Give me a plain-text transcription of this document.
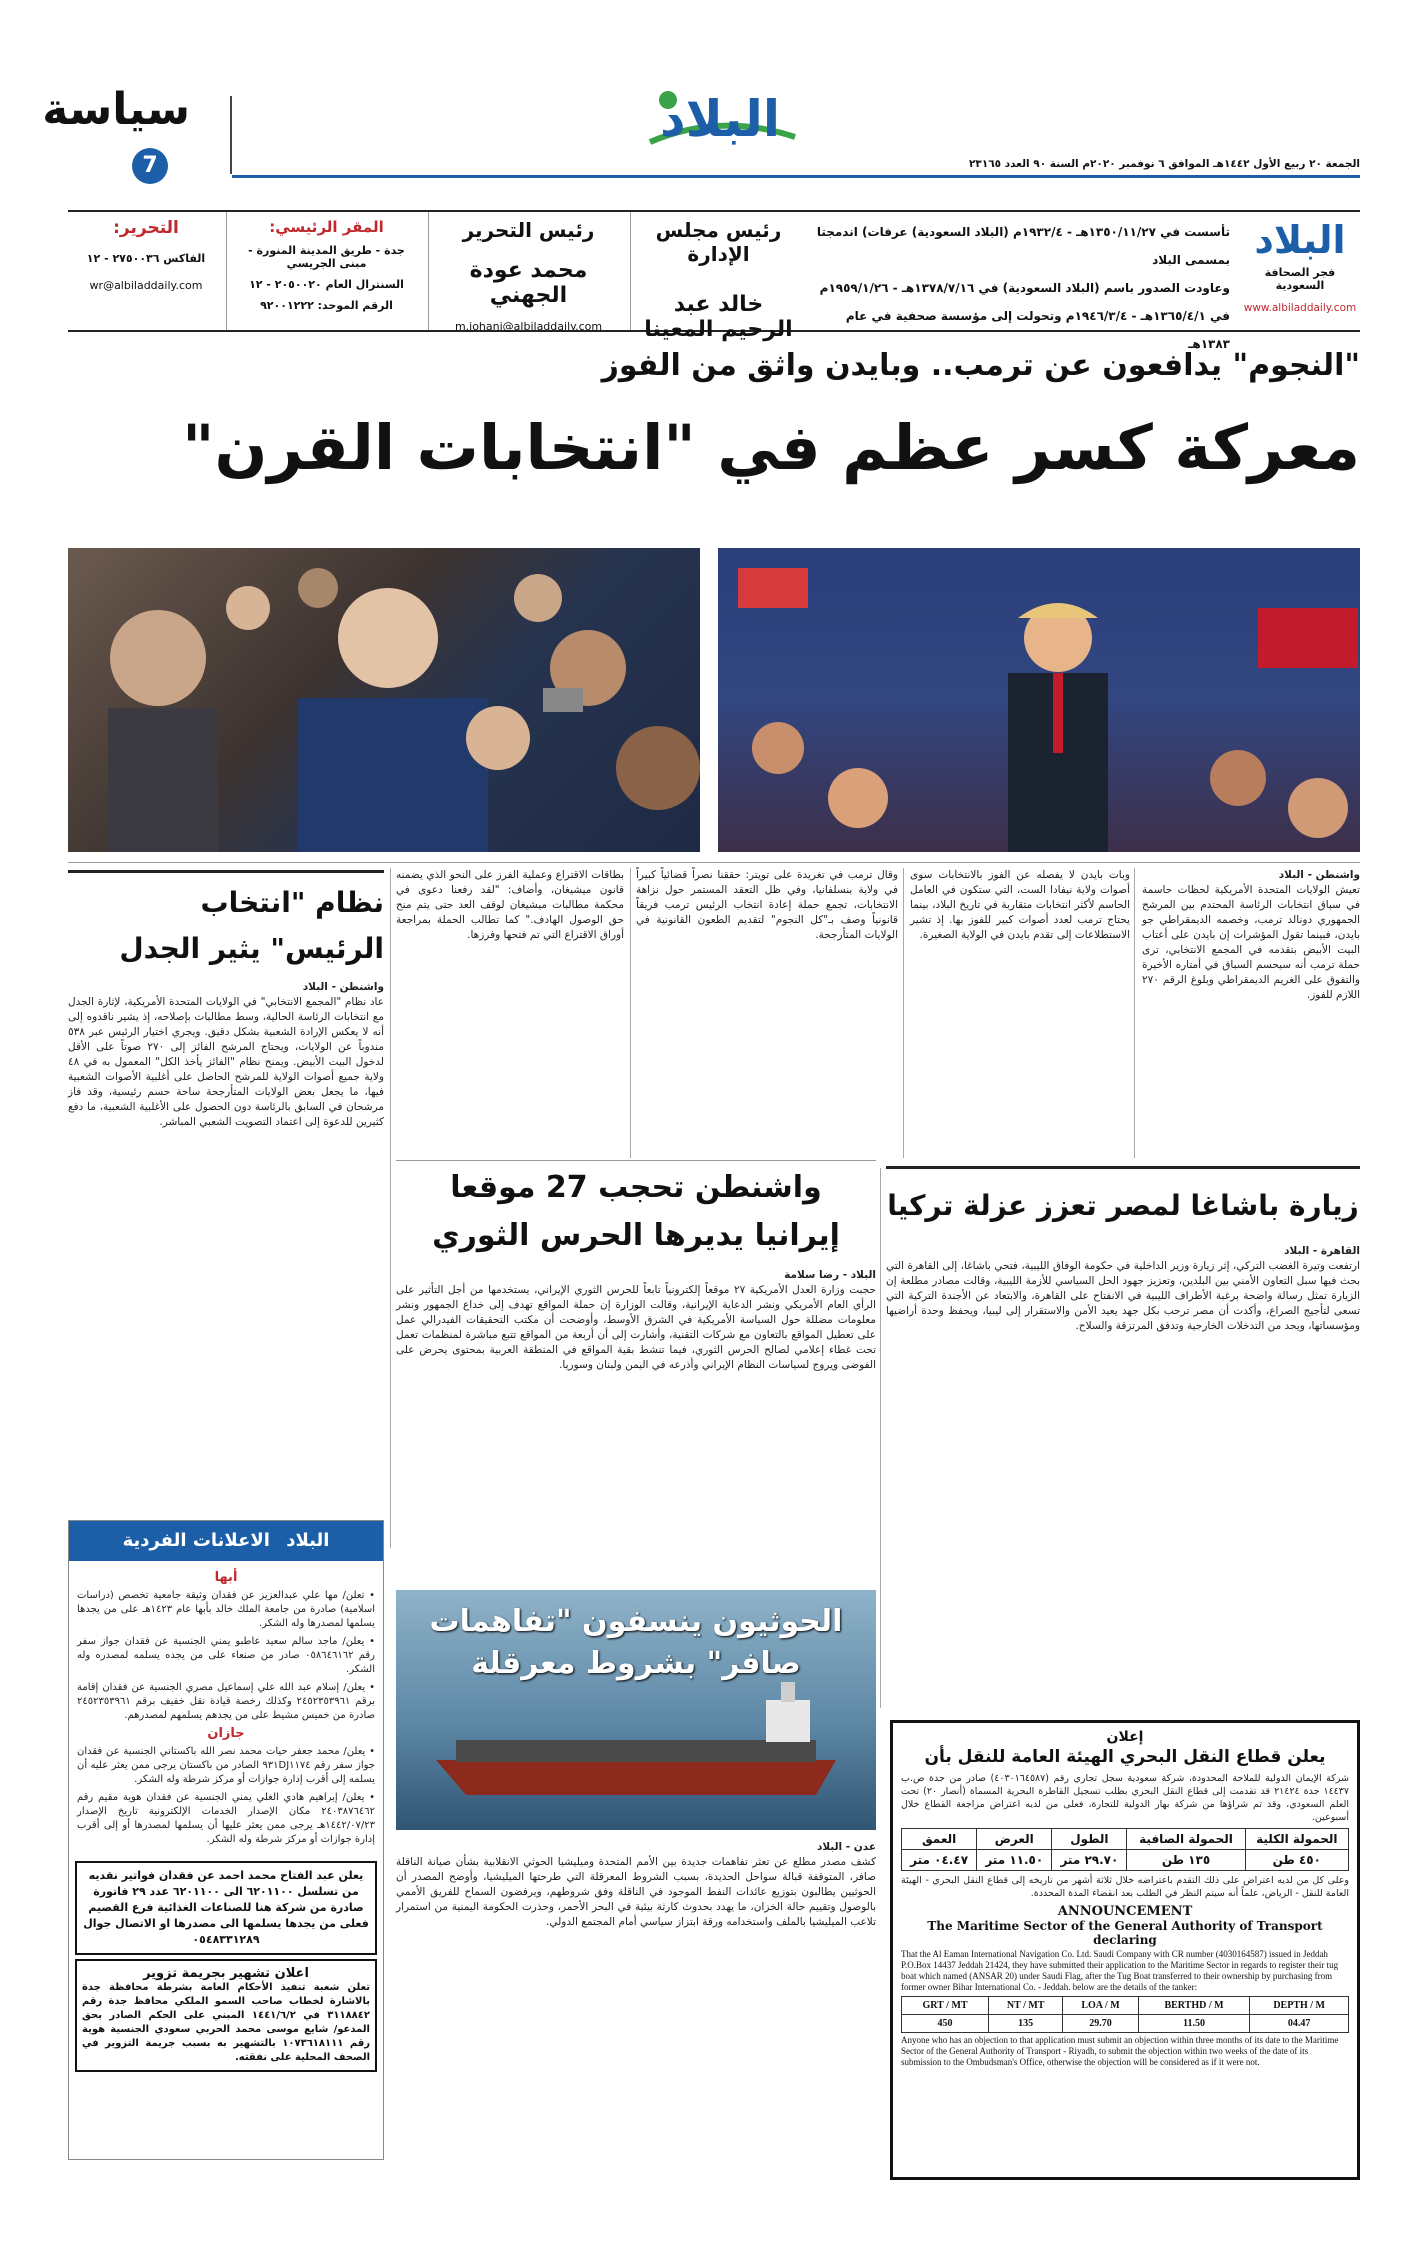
سياسة
7
البلاد
الجمعة ٢٠ ربيع الأول ١٤٤٢هـ الموافق ٦ نوفمبر ٢٠٢٠م السنة ٩٠ العدد ٢٣١٦٥
البلاد
فجر الصحافة السعودية
www.albiladdaily.com
تأسست في ١٣٥٠/١١/٢٧هـ - ١٩٣٢/٤م (البلاد السعودية) عرفات) اندمجتا بمسمى البلاد
وعاودت الصدور باسم (البلاد السعودية) في ١٣٧٨/٧/١٦هـ - ١٩٥٩/١/٢٦م
في ١٣٦٥/٤/١هـ - ١٩٤٦/٣/٤م وتحولت إلى مؤسسة صحفية في عام ١٣٨٣هـ
رئيس مجلس الإدارة
خالد عبد الرحيم المعينا
رئيس التحرير
محمد عودة الجهني
m.johani@albiladdaily.com
المقر الرئيسي:
جدة - طريق المدينة المنورة - مبنى الجريسي
السنترال العام ٢٠٥٠٠٢٠ - ١٢
الرقم الموحد: ٩٢٠٠١٢٢٢
التحرير:
الفاكس ٢٧٥٠٠٣٦ - ١٢
wr@albiladdaily.com
"النجوم" يدافعون عن ترمب.. وبايدن واثق من الفوز
معركة كسر عظم في "انتخابات القرن"
واشنطن - البلاد
تعيش الولايات المتحدة الأمريكية لحظات حاسمة في سباق انتخابات الرئاسة المحتدم بين المرشح الجمهوري دونالد ترمب، وخصمه الديمقراطي جو بايدن، فبينما تقول المؤشرات إن بايدن على أعتاب البيت الأبيض بتقدمه في المجمع الانتخابي، ترى حملة ترمب أنه سيحسم السباق في أمتاره الأخيرة والتفوق على الغريم الديمقراطي وبلوغ الرقم ٢٧٠ اللازم للفوز.
وبات بايدن لا يفصله عن الفوز بالانتخابات سوى أصوات ولاية نيفادا الست، التي ستكون في العامل الحاسم لأكثر انتخابات متقاربة في تاريخ البلاد، بينما يحتاج ترمب لعدد أصوات كبير للفوز بها. إذ تشير الاستطلاعات إلى تقدم بايدن في الولاية الصغيرة.
وقال ترمب في تغريدة على تويتر: حققنا نصراً قضائياً كبيراً في ولاية بنسلفانيا، وفي ظل التعقد المستمر حول نزاهة الانتخابات، تجمع حملة إعادة انتخاب الرئيس ترمب فريقاً قانونياً وصف بـ"كل النجوم" لتقديم الطعون القانونية في الولايات المتأرجحة.
بطاقات الاقتراع وعملية الفرز على النحو الذي يضمنه قانون ميشيغان، وأضاف: "لقد رفعنا دعوى في محكمة مطالبات ميشيغان لوقف العد حتى يتم منح حق الوصول الهادف." كما تطالب الحملة بمراجعة أوراق الاقتراع التي تم فتحها وفرزها.
نظام "انتخاب الرئيس" يثير الجدل
واشنطن - البلاد
عاد نظام "المجمع الانتخابي" في الولايات المتحدة الأمريكية، لإثارة الجدل مع انتخابات الرئاسة الحالية، وسط مطالبات بإصلاحه، إذ يشير ناقدوه إلى أنه لا يعكس الإرادة الشعبية بشكل دقيق. ويجري اختيار الرئيس عبر ٥٣٨ مندوباً عن الولايات، ويحتاج المرشح الفائز إلى ٢٧٠ صوتاً على الأقل لدخول البيت الأبيض. ويمنح نظام "الفائز يأخذ الكل" المعمول به في ٤٨ ولاية جميع أصوات الولاية للمرشح الحاصل على أغلبية الأصوات الشعبية فيها، ما يجعل بعض الولايات المتأرجحة ساحة حسم رئيسية، وقد فاز مرشحان في السابق بالرئاسة دون الحصول على الأغلبية الشعبية، ما دفع كثيرين للدعوة إلى اعتماد التصويت الشعبي المباشر.
واشنطن تحجب 27 موقعا
إيرانيا يديرها الحرس الثوري
البلاد - رضا سلامة
حجبت وزارة العدل الأمريكية ٢٧ موقعاً إلكترونياً تابعاً للحرس الثوري الإيراني، يستخدمها من أجل التأثير على الرأي العام الأمريكي ونشر الدعاية الإيرانية، وقالت الوزارة إن حملة المواقع تهدف إلى خداع الجمهور ونشر معلومات مضللة حول السياسة الأمريكية في الشرق الأوسط، وأوضحت أن مكتب التحقيقات الفيدرالي عمل على تعطيل المواقع بالتعاون مع شركات التقنية، وأشارت إلى أن أربعة من المواقع تتبع مباشرة لمنظمات تعمل تحت غطاء إعلامي لصالح الحرس الثوري، فيما تنشط بقية المواقع في المنطقة العربية بمحتوى يحرض على الفوضى ويروج لسياسات النظام الإيراني وأذرعه في اليمن ولبنان وسوريا.
زيارة باشاغا لمصر تعزز عزلة تركيا
القاهرة - البلاد
ارتفعت وتيرة الغضب التركي، إثر زيارة وزير الداخلية في حكومة الوفاق الليبية، فتحي باشاغا، إلى القاهرة التي بحث فيها سبل التعاون الأمني بين البلدين، وتعزيز جهود الحل السياسي للأزمة الليبية، وقالت مصادر مطلعة إن الزيارة تمثل رسالة واضحة برغبة الأطراف الليبية في الانفتاح على القاهرة، والابتعاد عن الأجندة التركية التي تسعى لتأجيج الصراع، وأكدت أن مصر ترحب بكل جهد يعيد الأمن والاستقرار إلى ليبيا، ويحفظ وحدة أراضيها ومؤسساتها، ويحد من التدخلات الخارجية وتدفق المرتزقة والسلاح.
البلاد الاعلانات الفردية
أبها
• تعلن/ مها علي عبدالعزيز عن فقدان وثيقة جامعية تخصص (دراسات اسلامية) صادرة من جامعة الملك خالد بأبها عام ١٤٢٣هـ على من يجدها يسلمها لمصدرها وله الشكر.
• يعلن/ ماجد سالم سعيد عاطبو يمني الجنسية عن فقدان جواز سفر رقم ٠٥٨٦٤٦١٦٢ صادر من صنعاء على من يجده يسلمه لمصدره وله الشكر.
• يعلن/ إسلام عبد الله علي إسماعيل مصري الجنسية عن فقدان إقامة برقم ٢٤٥٢٣٥٣٩٦١ وكذلك رخصة قيادة نقل خفيف برقم ٢٤٥٢٣٥٣٩٦١ صادرة من خميس مشيط على من يجدهم يسلمهم لمصدرهم.
جازان
• يعلن/ محمد جعفر حيات محمد نصر الله باكستاني الجنسية عن فقدان جواز سفر رقم ٩٣١DJ١١٧٤ الصادر من باكستان يرجى ممن يعثر عليه أن يسلمه إلى أقرب إدارة جوازات أو مركز شرطة وله الشكر.
• يعلن/ إبراهيم هادي الغلي يمني الجنسية عن فقدان هوية مقيم رقم ٢٤٠٣٨٧٦٤٦٢ مكان الإصدار الخدمات الإلكترونية تاريخ الإصدار ١٤٤٢/٠٧/٢٣هـ يرجى ممن يعثر عليها أن يسلمها لمصدرها أو إلى أقرب إدارة جوازات أو مركز شرطة وله الشكر.
يعلن عبد الفتاح محمد احمد عن فقدان فواتير نقديه من تسلسل ٦٢٠١١٠٠ الى ٦٢٠١١٠٠ عدد ٢٩ فاتورة صادرة من شركة هنا للصناعات الغذائية فرع القصيم فعلى من يجدها يسلمها الى مصدرها او الاتصال جوال ٠٥٤٨٣٣١٢٨٩
اعلان تشهير بجريمة تزوير
تعلن شعبة تنفيذ الأحكام العامة بشرطة محافظة جدة بالاشارة لخطاب صاحب السمو الملكي محافظ جدة رقم ٣١١٨٨٤٢ في ١٤٤١/٦/٢ المبني على الحكم الصادر بحق المدعو/ شايع موسى محمد الحربي سعودي الجنسية هوية رقم ١٠٧٣٦١٨١١١ بالتشهير به بسبب جريمة التزوير في الصحف المحلية على نفقته.
الحوثيون ينسفون "تفاهمات
صافر" بشروط معرقلة
عدن - البلاد
كشف مصدر مطلع عن تعثر تفاهمات جديدة بين الأمم المتحدة وميليشيا الحوثي الانقلابية بشأن صيانة الناقلة صافر، المتوقفة قبالة سواحل الحديدة، بسبب الشروط المعرقلة التي طرحتها الميليشيا، وأوضح المصدر أن الحوثيين يطالبون بتوزيع عائدات النفط الموجود في الناقلة وفق شروطهم، ويرفضون السماح للفريق الأممي بالوصول وتقييم حالة الخزان، ما يهدد بحدوث كارثة بيئية في البحر الأحمر، وحذرت الحكومة اليمنية من استمرار تلاعب الميليشيا بالملف واستخدامه ورقة ابتزاز سياسي أمام المجتمع الدولي.
إعلان
يعلن قطاع النقل البحري الهيئة العامة للنقل بأن
شركة الإيمان الدولية للملاحة المحدودة، شركة سعودية سجل تجاري رقم (٤٠٣٠١٦٤٥٨٧) صادر من جدة ص.ب ١٤٤٣٧ جدة ٢١٤٢٤ قد تقدمت إلى قطاع النقل البحري بطلب تسجيل القاطرة البحرية المسماة (أنصار ٢٠) تحت العلم السعودي، وقد تم شراؤها من شركة بهار الدولية للتجارة، فعلى من لديه اعتراض مراجعة القطاع خلال أسبوعين.
الحمولة الكلية	الحمولة الصافية	الطول	العرض	العمق
٤٥٠ طن	١٣٥ طن	٢٩.٧٠ متر	١١.٥٠ متر	٠٤.٤٧ متر
وعلى كل من لديه اعتراض على ذلك التقدم باعتراضه خلال ثلاثة أشهر من تاريخه إلى قطاع النقل البحري - الهيئة العامة للنقل - الرياض، علماً أنه سيتم النظر في الطلب بعد انقضاء المدة المحددة.
ANNOUNCEMENT
The Maritime Sector of the General Authority of Transport declaring
That the Al Eaman International Navigation Co. Ltd. Saudi Company with CR number (4030164587) issued in Jeddah P.O.Box 14437 Jeddah 21424, they have submitted their application to the Maritime Sector in regards to register their tug boat which named (ANSAR 20) under Saudi Flag, after the Tug Boat transferred to their ownership by purchasing from former owner Bihar International Co. - Jeddah. below are the details of the tanker:
GRT / MT	NT / MT	LOA / M	BERTHD / M	DEPTH / M
450	135	29.70	11.50	04.47
Anyone who has an objection to that application must submit an objection within three months of its date to the Maritime Sector of the General Authority of Transport - Riyadh, to submit the objection within two weeks of the date of its submission to the Ombudsman's Office, otherwise the objection will be considered as if it were not.
